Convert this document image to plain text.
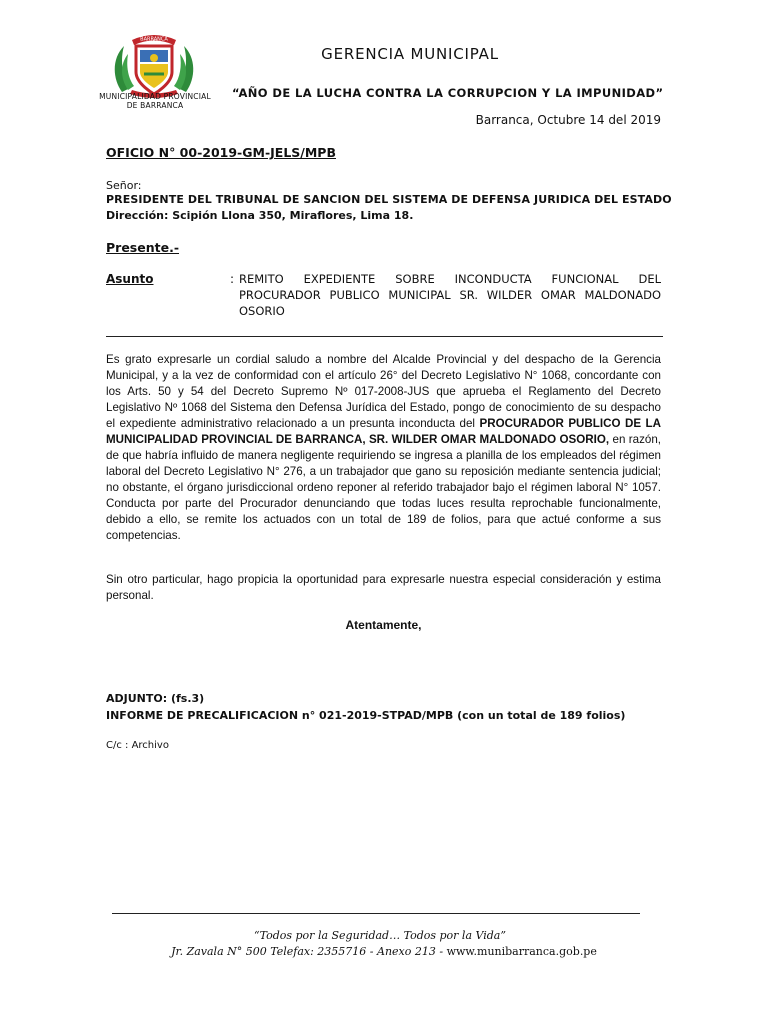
BARRANCA
MUNICIPALIDAD PROVINCIAL
DE BARRANCA
GERENCIA MUNICIPAL
“AÑO DE LA LUCHA CONTRA LA CORRUPCION Y LA IMPUNIDAD”
Barranca, Octubre 14 del 2019
OFICIO N° 00-2019-GM-JELS/MPB
Señor:
PRESIDENTE DEL TRIBUNAL DE SANCION DEL SISTEMA DE DEFENSA JURIDICA DEL ESTADO
Dirección: Scipión Llona 350, Miraflores, Lima 18.
Presente.-
Asunto	: REMITO EXPEDIENTE SOBRE INCONDUCTA FUNCIONAL DEL PROCURADOR PUBLICO MUNICIPAL SR. WILDER OMAR MALDONADO OSORIO
Es grato expresarle un cordial saludo a nombre del Alcalde Provincial y del despacho de la Gerencia Municipal, y a la vez de conformidad con el artículo 26° del Decreto Legislativo N° 1068, concordante con los Arts. 50 y 54 del Decreto Supremo Nº 017-2008-JUS que aprueba el Reglamento del Decreto Legislativo Nº 1068 del Sistema den Defensa Jurídica del Estado, pongo de conocimiento de su despacho el expediente administrativo relacionado a un presunta inconducta del PROCURADOR PUBLICO DE LA MUNICIPALIDAD PROVINCIAL DE BARRANCA, SR. WILDER OMAR MALDONADO OSORIO, en razón, de que habría influido de manera negligente requiriendo se ingresa a planilla de los empleados del régimen laboral del Decreto Legislativo N° 276, a un trabajador que gano su reposición mediante sentencia judicial; no obstante, el órgano jurisdiccional ordeno reponer al referido trabajador bajo el régimen laboral N° 1057. Conducta por parte del Procurador denunciando que todas luces resulta reprochable funcionalmente, debido a ello, se remite los actuados con un total de 189 de folios, para que actué conforme a sus competencias.
Sin otro particular, hago propicia la oportunidad para expresarle nuestra especial consideración y estima personal.
Atentamente,
ADJUNTO: (fs.3)
INFORME DE PRECALIFICACION n° 021-2019-STPAD/MPB (con un total de 189 folios)
C/c : Archivo
“Todos por la Seguridad… Todos por la Vida”
Jr. Zavala N° 500 Telefax: 2355716 - Anexo 213 - www.munibarranca.gob.pe
